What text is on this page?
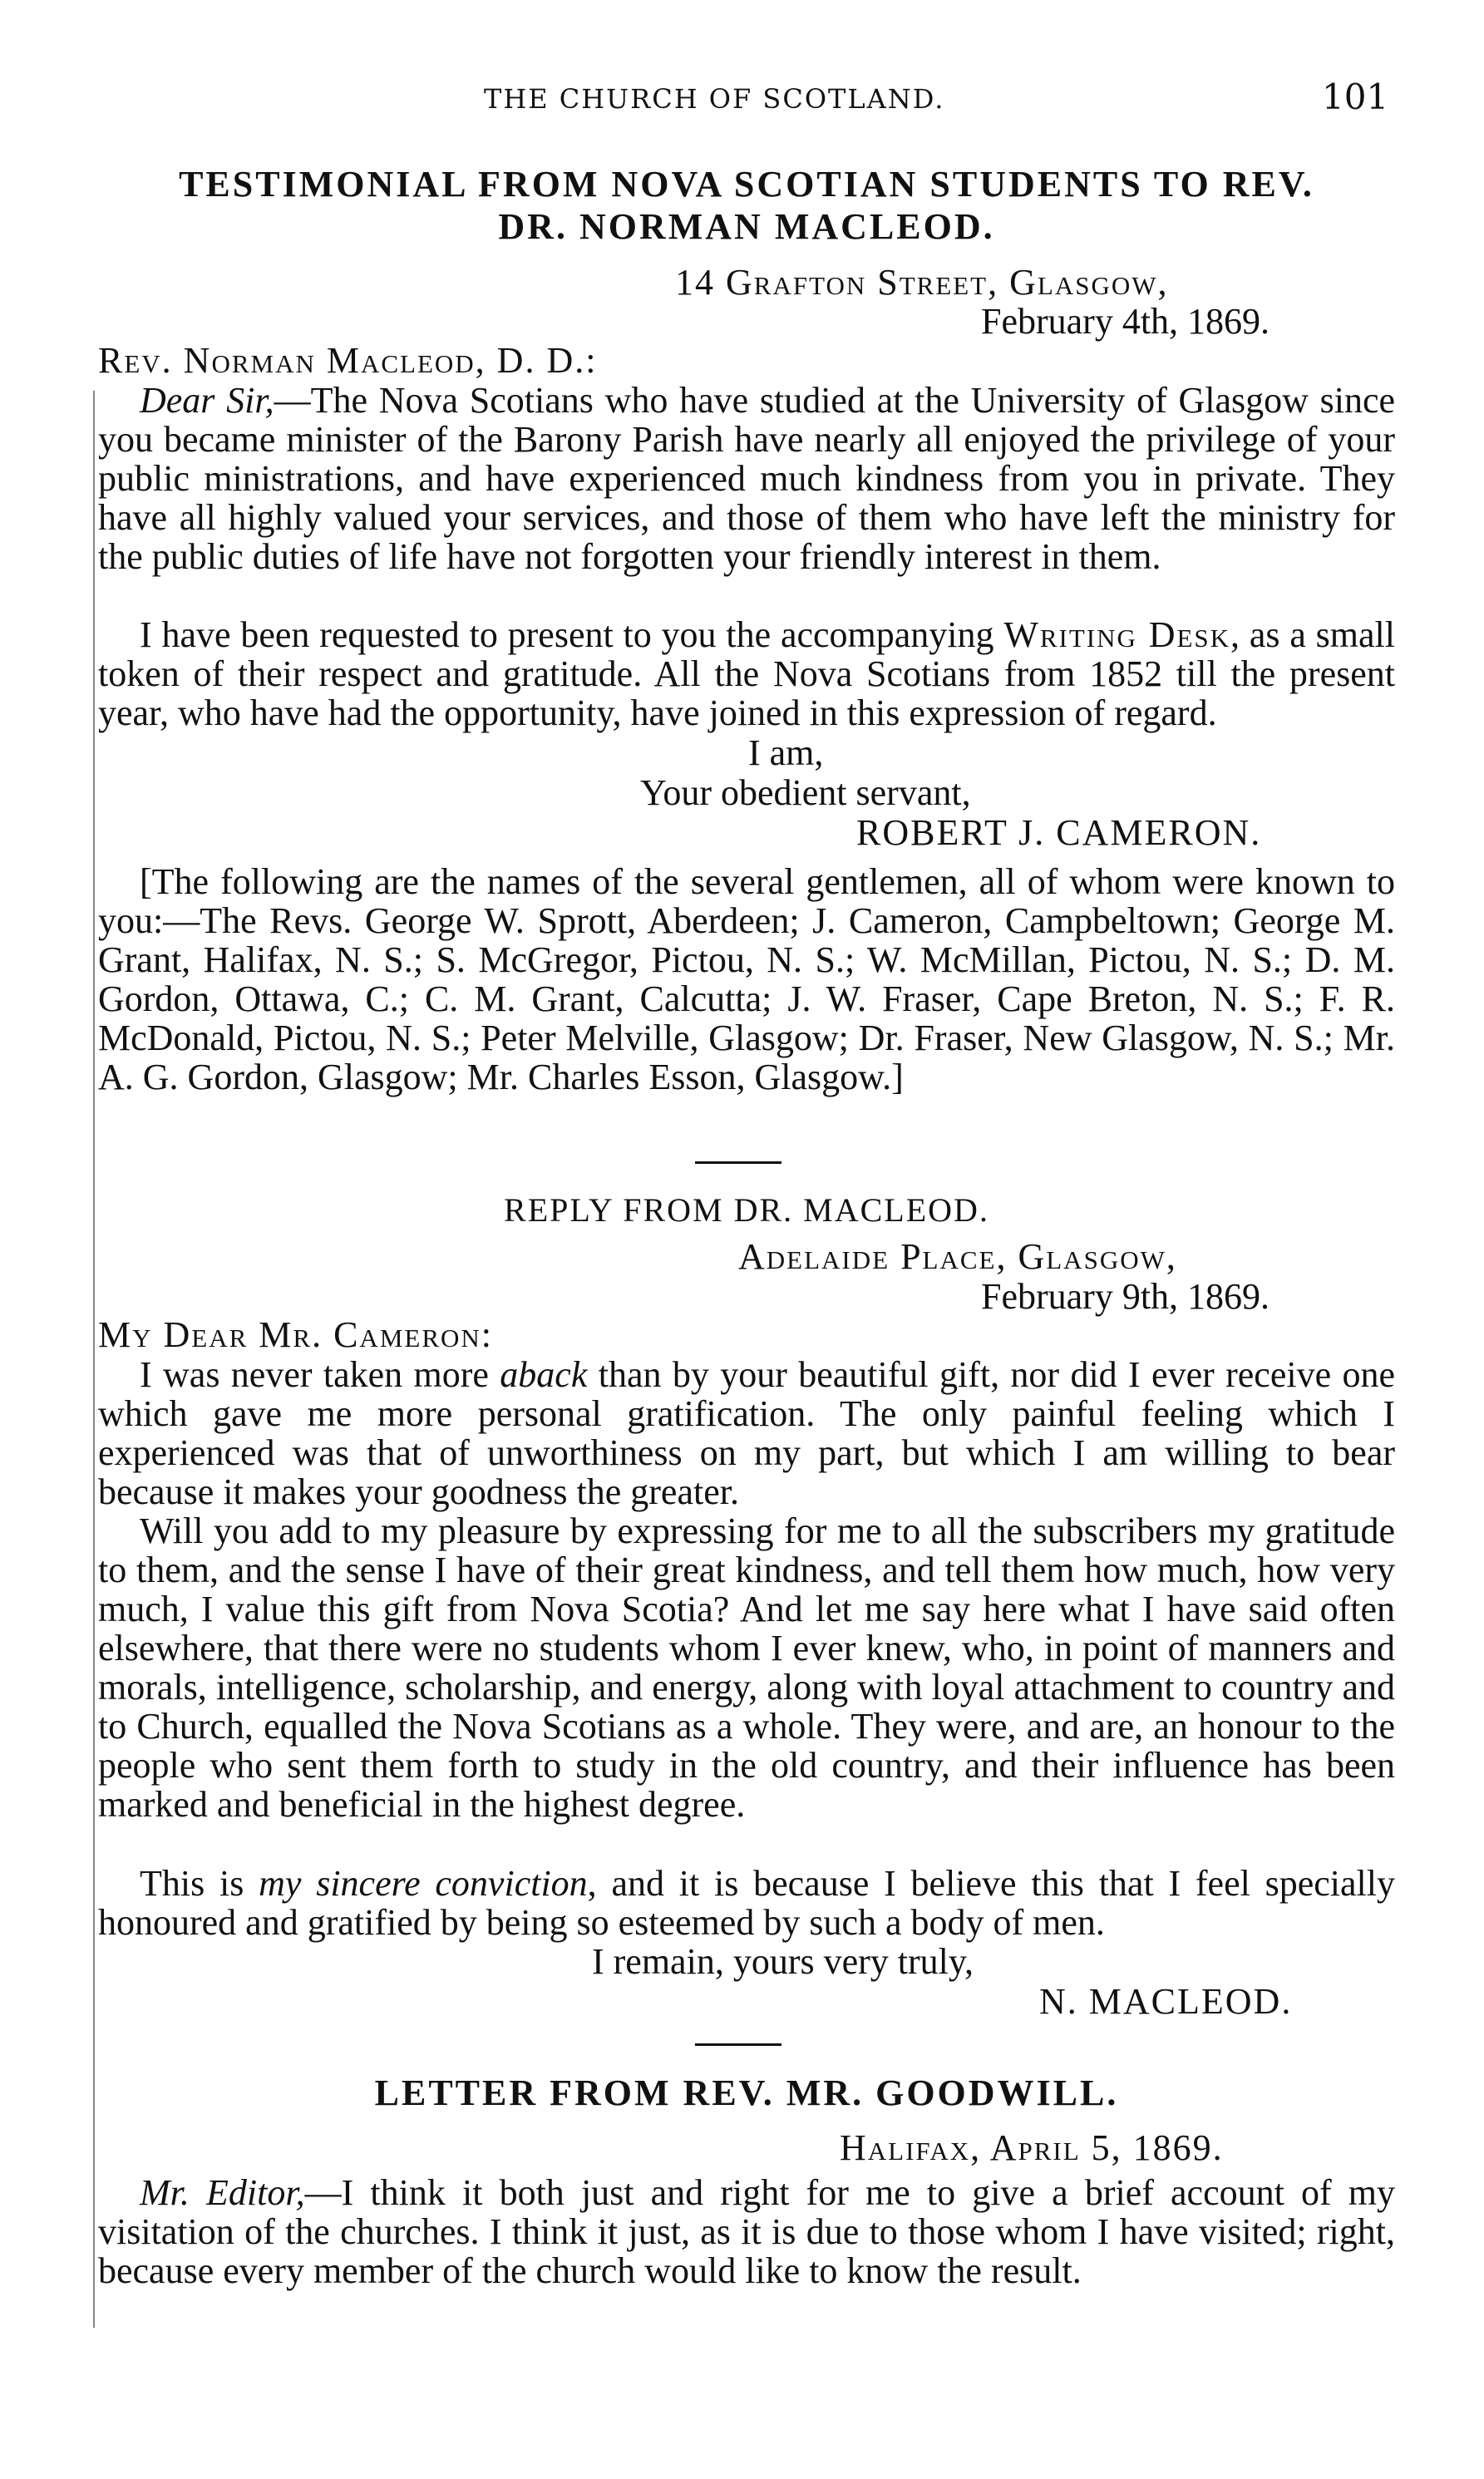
THE CHURCH OF SCOTLAND.	101
TESTIMONIAL FROM NOVA SCOTIAN STUDENTS TO REV.
DR. NORMAN MACLEOD.
14 Grafton Street, Glasgow,
February 4th, 1869.
Rev. Norman Macleod, D. D.:
Dear Sir,—The Nova Scotians who have studied at the University of Glasgow since you became minister of the Barony Parish have nearly all enjoyed the privilege of your public ministrations, and have experienced much kindness from you in private. They have all highly valued your services, and those of them who have left the ministry for the public duties of life have not forgotten your friendly interest in them.
I have been requested to present to you the accompanying Writing Desk, as a small token of their respect and gratitude. All the Nova Scotians from 1852 till the present year, who have had the opportunity, have joined in this expression of regard.
I am,
Your obedient servant,
ROBERT J. CAMERON.
[The following are the names of the several gentlemen, all of whom were known to you:—The Revs. George W. Sprott, Aberdeen; J. Cameron, Campbeltown; George M. Grant, Halifax, N. S.; S. McGregor, Pictou, N. S.; W. McMillan, Pictou, N. S.; D. M. Gordon, Ottawa, C.; C. M. Grant, Calcutta; J. W. Fraser, Cape Breton, N. S.; F. R. McDonald, Pictou, N. S.; Peter Melville, Glasgow; Dr. Fraser, New Glasgow, N. S.; Mr. A. G. Gordon, Glasgow; Mr. Charles Esson, Glasgow.]
REPLY FROM DR. MACLEOD.
Adelaide Place, Glasgow,
February 9th, 1869.
My Dear Mr. Cameron:
I was never taken more aback than by your beautiful gift, nor did I ever receive one which gave me more personal gratification. The only painful feeling which I experienced was that of unworthiness on my part, but which I am willing to bear because it makes your goodness the greater.
Will you add to my pleasure by expressing for me to all the subscribers my gratitude to them, and the sense I have of their great kindness, and tell them how much, how very much, I value this gift from Nova Scotia? And let me say here what I have said often elsewhere, that there were no students whom I ever knew, who, in point of manners and morals, intelligence, scholarship, and energy, along with loyal attachment to country and to Church, equalled the Nova Scotians as a whole. They were, and are, an honour to the people who sent them forth to study in the old country, and their influence has been marked and beneficial in the highest degree.
This is my sincere conviction, and it is because I believe this that I feel specially honoured and gratified by being so esteemed by such a body of men.
I remain, yours very truly,
N. MACLEOD.
LETTER FROM REV. MR. GOODWILL.
Halifax, April 5, 1869.
Mr. Editor,—I think it both just and right for me to give a brief account of my visitation of the churches. I think it just, as it is due to those whom I have visited; right, because every member of the church would like to know the result.
